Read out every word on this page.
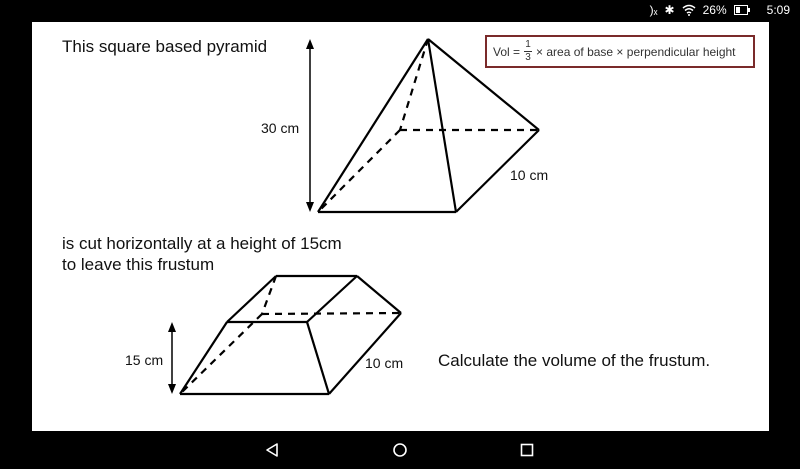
)ₓ ✱ 26%	5:09
This square based pyramid
30 cm
10 cm
Vol = $\frac{1}{3}$ × area of base × perpendicular height
is cut horizontally at a height of 15cm
to leave this frustum
15 cm	10 cm Calculate the volume of the frustum.
